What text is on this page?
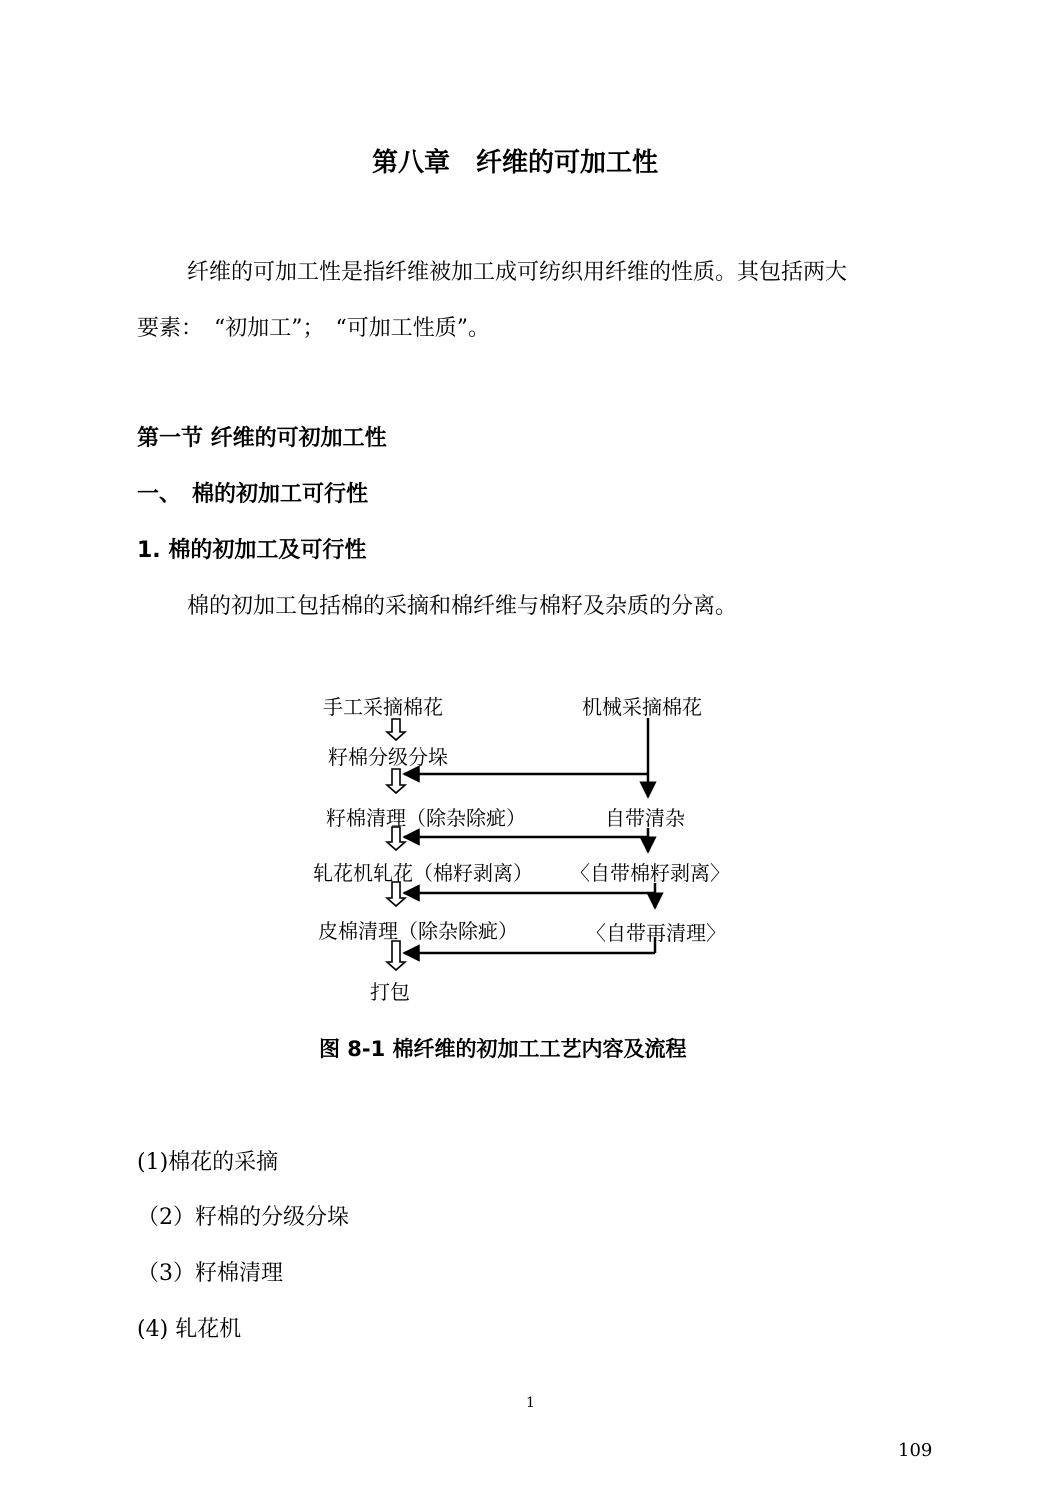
第八章　纤维的可加工性
纤维的可加工性是指纤维被加工成可纺织用纤维的性质。其包括两大
要素：　“初加工”；　“可加工性质”。
第一节 纤维的可初加工性
一、　棉的初加工可行性
1. 棉的初加工及可行性
棉的初加工包括棉的采摘和棉纤维与棉籽及杂质的分离。
手工采摘棉花
籽棉分级分垛
籽棉清理（除杂除疵）
轧花机轧花（棉籽剥离）
皮棉清理（除杂除疵）
打包
机械采摘棉花
自带清杂
〈自带棉籽剥离〉
〈自带再清理〉
图 8-1 棉纤维的初加工工艺内容及流程
(1)棉花的采摘
（2）籽棉的分级分垛
（3）籽棉清理
(4) 轧花机
1
109
